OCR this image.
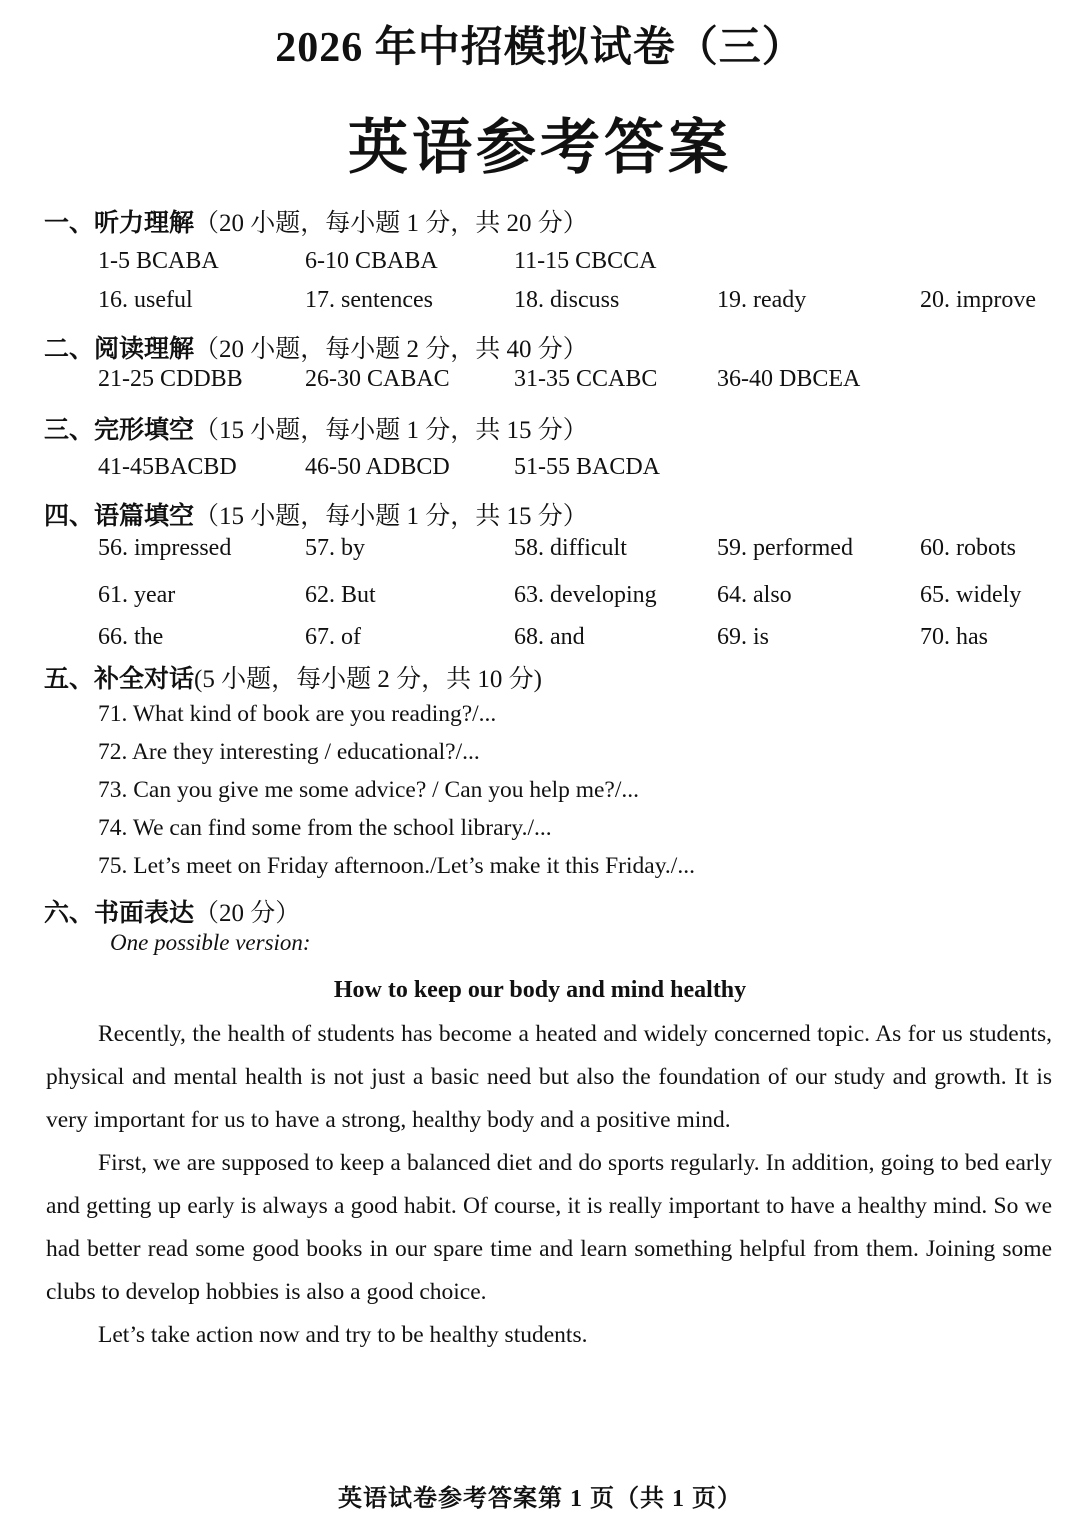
2026 年中招模拟试卷（三）
英语参考答案
一、听力理解（20 小题，每小题 1 分，共 20 分）
1-5 BCABA	6-10 CBABA	11-15 CBCCA
16. useful	17. sentences	18. discuss	19. ready	20. improve
二、阅读理解（20 小题，每小题 2 分，共 40 分）
21-25 CDDBB	26-30 CABAC	31-35 CCABC 36-40 DBCEA
三、完形填空（15 小题，每小题 1 分，共 15 分）
41-45BACBD	46-50 ADBCD	51-55 BACDA
四、语篇填空（15 小题，每小题 1 分，共 15 分）
56. impressed	57. by	58. difficult	59. performed	60. robots
61. year	62. But	63. developing	64. also	65. widely
66. the	67. of	68. and	69. is	70. has
五、补全对话(5 小题，每小题 2 分，共 10 分)
71. What kind of book are you reading?/...
72. Are they interesting / educational?/...
73. Can you give me some advice? / Can you help me?/...
74. We can find some from the school library./...
75. Let’s meet on Friday afternoon./Let’s make it this Friday./...
六、书面表达（20 分）
One possible version:
How to keep our body and mind healthy

Recently, the health of students has become a heated and widely concerned topic. As for us students, physical and mental health is not just a basic need but also the foundation of our study and growth. It is very important for us to have a strong, healthy body and a positive mind.

First, we are supposed to keep a balanced diet and do sports regularly. In addition, going to bed early and getting up early is always a good habit. Of course, it is really important to have a healthy mind. So we had better read some good books in our spare time and learn something helpful from them. Joining some clubs to develop hobbies is also a good choice.

Let’s take action now and try to be healthy students.

英语试卷参考答案第 1 页（共 1 页）
